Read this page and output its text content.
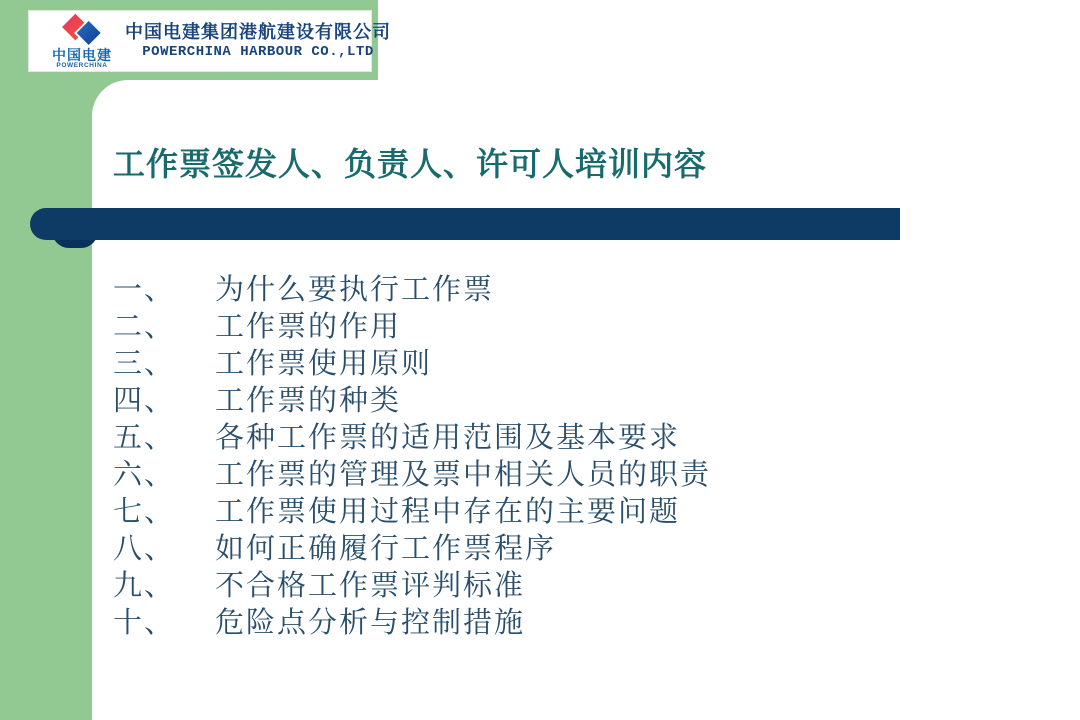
中国电建
POWERCHINA
中国电建集团港航建设有限公司
POWERCHINA HARBOUR CO.,LTD
工作票签发人、负责人、许可人培训内容
一、	为什么要执行工作票
二、	工作票的作用
三、	工作票使用原则
四、	工作票的种类
五、	各种工作票的适用范围及基本要求
六、	工作票的管理及票中相关人员的职责
七、	工作票使用过程中存在的主要问题
八、	如何正确履行工作票程序
九、	不合格工作票评判标准
十、	危险点分析与控制措施
